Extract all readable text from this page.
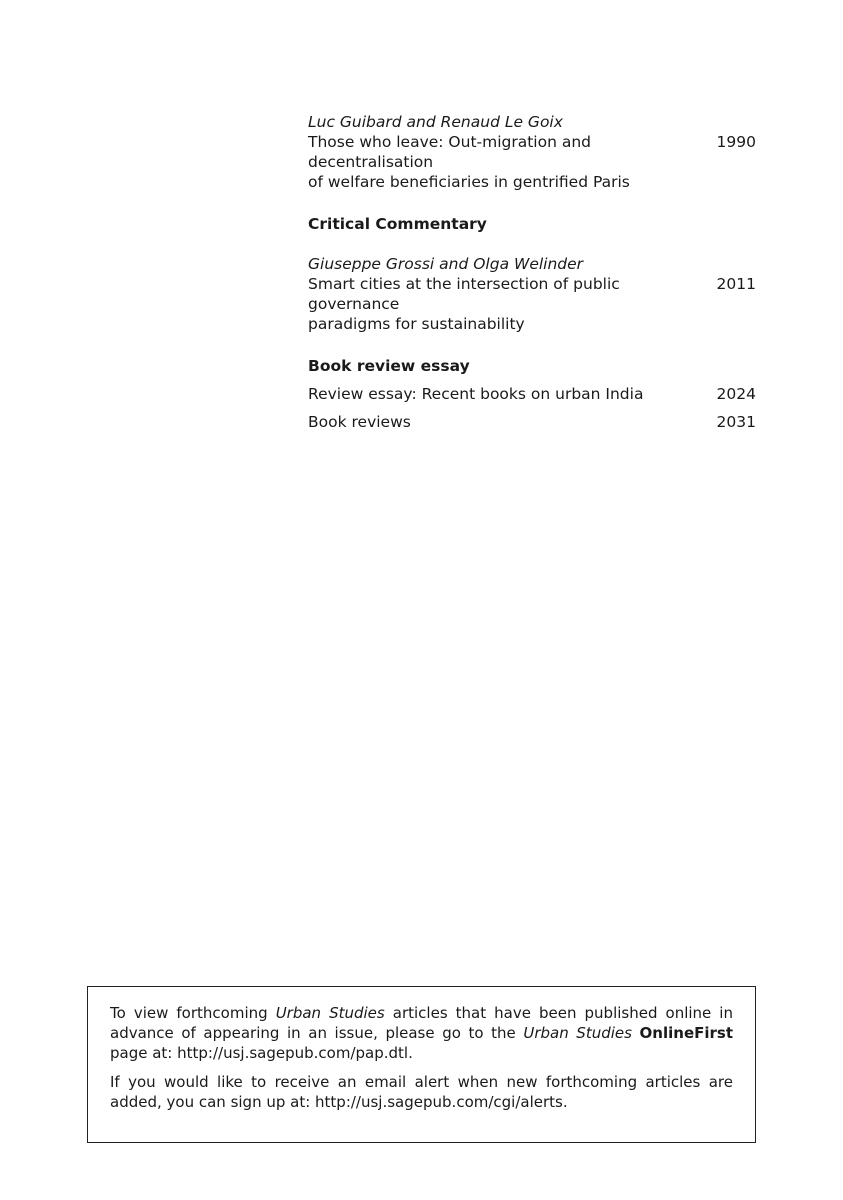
Luc Guibard and Renaud Le Goix
Those who leave: Out-migration and decentralisation
of welfare beneficiaries in gentrified Paris
1990
Critical Commentary
Giuseppe Grossi and Olga Welinder
Smart cities at the intersection of public governance
paradigms for sustainability
2011
Book review essay
Review essay: Recent books on urban India	2024
Book reviews	2031

To view forthcoming Urban Studies articles that have been published online in advance of appearing in an issue, please go to the Urban Studies OnlineFirst page at: http://usj.sagepub.com/pap.dtl.

If you would like to receive an email alert when new forthcoming articles are added, you can sign up at: http://usj.sagepub.com/cgi/alerts.
